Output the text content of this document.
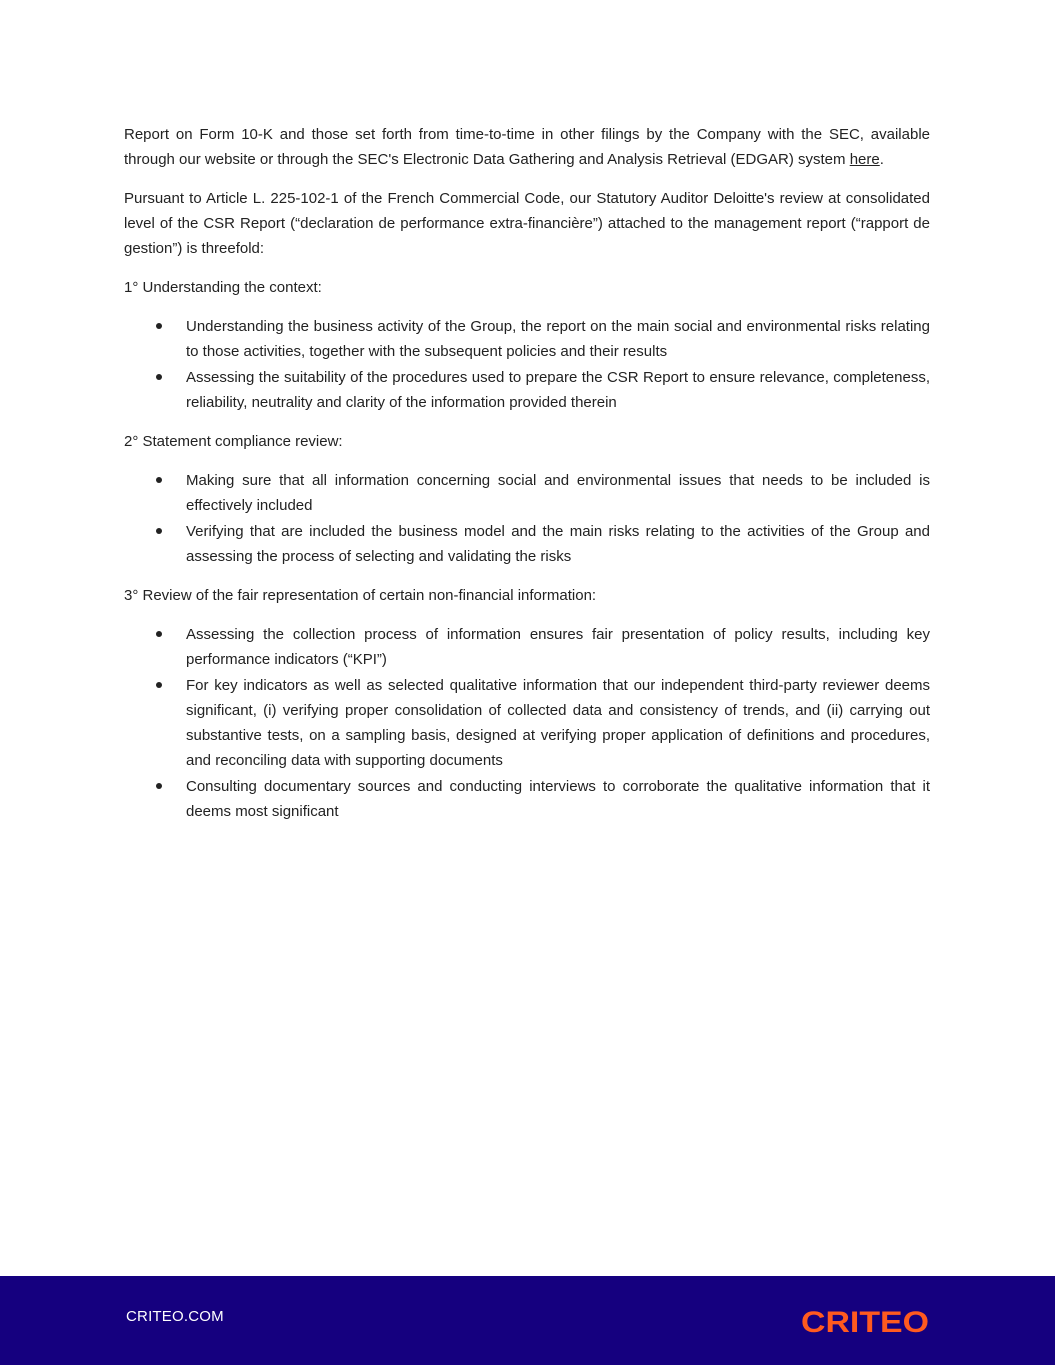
Report on Form 10-K and those set forth from time-to-time in other filings by the Company with the SEC, available through our website or through the SEC's Electronic Data Gathering and Analysis Retrieval (EDGAR) system here.

Pursuant to Article L. 225-102-1 of the French Commercial Code, our Statutory Auditor Deloitte's review at consolidated level of the CSR Report (“declaration de performance extra-financière”) attached to the management report (“rapport de gestion”) is threefold:

1° Understanding the context:

Understanding the business activity of the Group, the report on the main social and environmental risks relating to those activities, together with the subsequent policies and their results
Assessing the suitability of the procedures used to prepare the CSR Report to ensure relevance, completeness, reliability, neutrality and clarity of the information provided therein

2° Statement compliance review:

Making sure that all information concerning social and environmental issues that needs to be included is effectively included
Verifying that are included the business model and the main risks relating to the activities of the Group and assessing the process of selecting and validating the risks

3° Review of the fair representation of certain non-financial information:

Assessing the collection process of information ensures fair presentation of policy results, including key performance indicators (“KPI”)
For key indicators as well as selected qualitative information that our independent third-party reviewer deems significant, (i) verifying proper consolidation of collected data and consistency of trends, and (ii) carrying out substantive tests, on a sampling basis, designed at verifying proper application of definitions and procedures, and reconciling data with supporting documents
Consulting documentary sources and conducting interviews to corroborate the qualitative information that it deems most significant
CRITEO.COM	CRITEO
